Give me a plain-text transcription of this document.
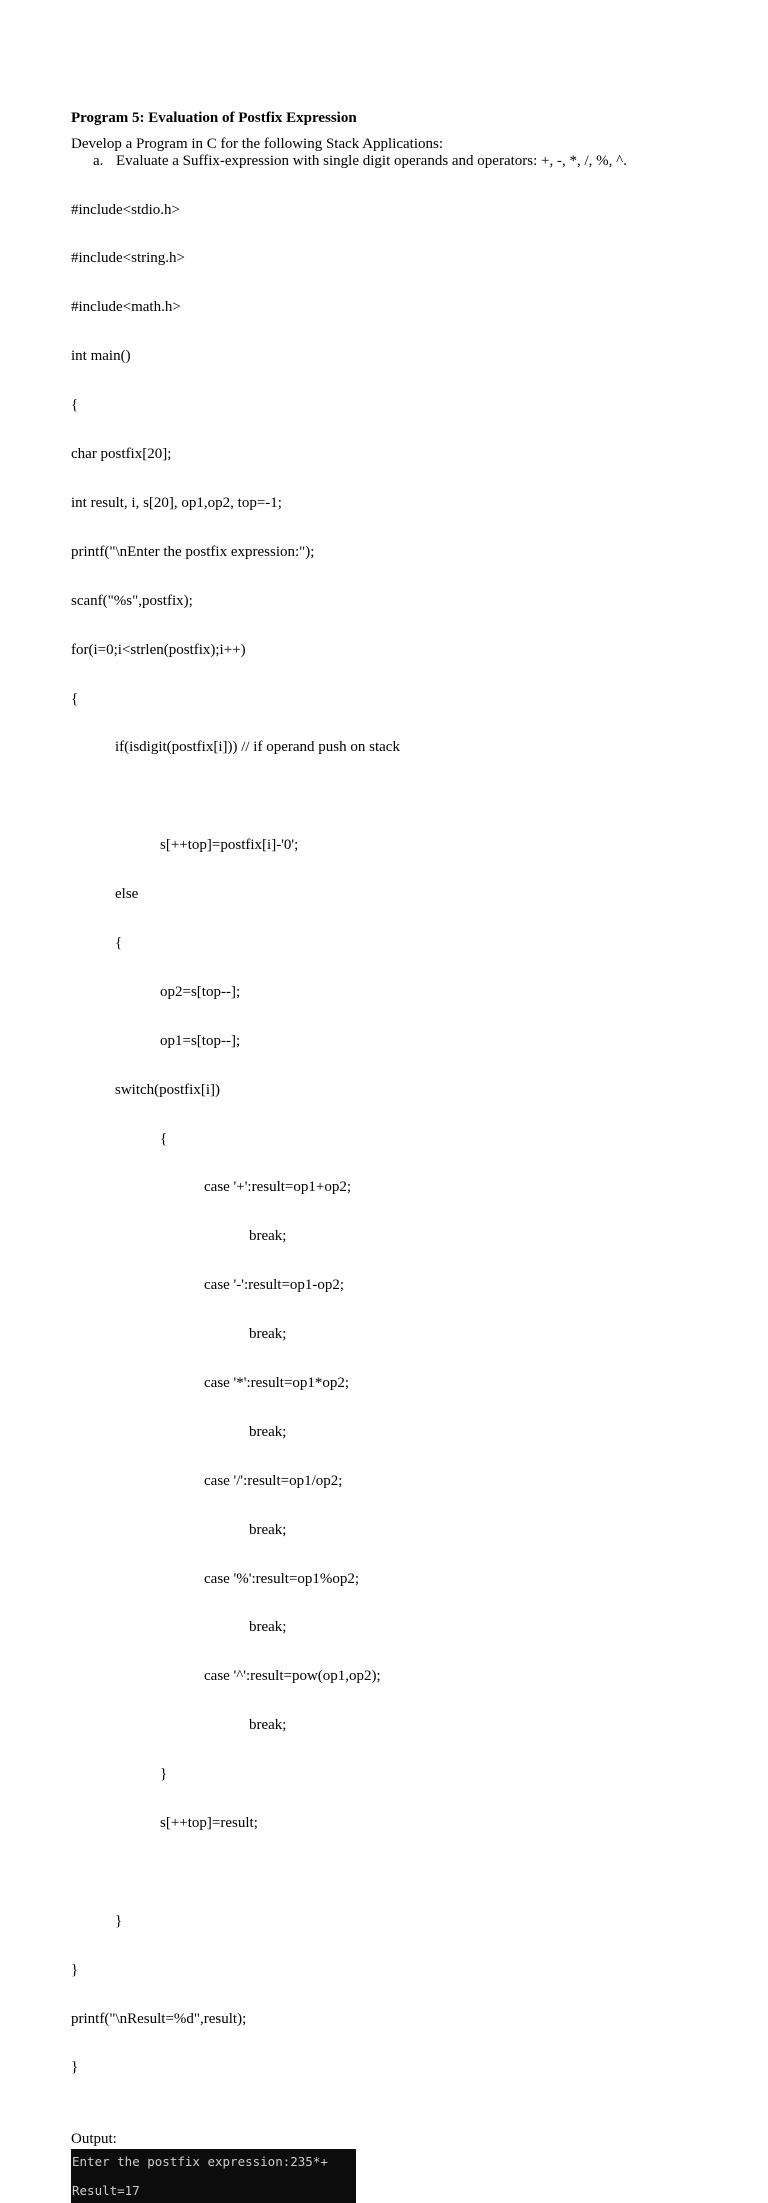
Program 5: Evaluation of Postfix Expression
Develop a Program in C for the following Stack Applications:
a. Evaluate a Suffix-expression with single digit operands and operators: +, -, *, /, %, ^.

#include<stdio.h>

#include<string.h>

#include<math.h>

int main()

{

char postfix[20];

int result, i, s[20], op1,op2, top=-1;

printf("\nEnter the postfix expression:");

scanf("%s",postfix);

for(i=0;i<strlen(postfix);i++)

{

if(isdigit(postfix[i])) // if operand push on stack

s[++top]=postfix[i]-'0';

else

{

op2=s[top--];

op1=s[top--];

switch(postfix[i])

{

case '+':result=op1+op2;

break;

case '-':result=op1-op2;

break;

case '*':result=op1*op2;

break;

case '/':result=op1/op2;

break;

case '%':result=op1%op2;

break;

case '^':result=pow(op1,op2);

break;

}

s[++top]=result;

}

}

printf("\nResult=%d",result);

}

Output:
Enter the postfix expression:235*+
Result=17
